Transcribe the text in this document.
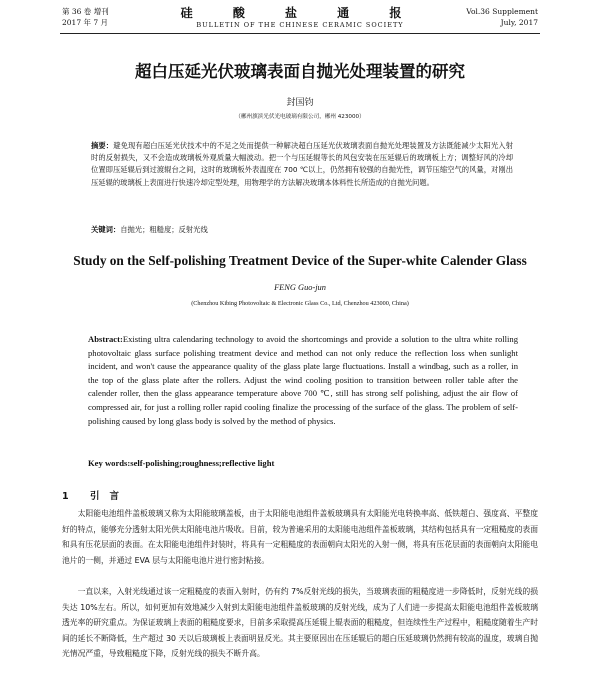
第 36 卷 增刊
2017 年 7 月
硅 酸 盐 通 报
BULLETIN OF THE CHINESE CERAMIC SOCIETY
Vol.36 Supplement
July, 2017
超白压延光伏玻璃表面自抛光处理装置的研究
封国钧
（郴州旗滨光伏光电玻璃有限公司，郴州 423000）
摘要：避免现有超白压延光伏技术中的不足之处而提供一种解决超白压延光伏玻璃表面自抛光处理装置及方法既能减少太阳光入射时的反射损失，又不会造成玻璃板外观质量大幅波动。把一个与压延辊等长的风包安装在压延辊后的玻璃板上方；调整好风的冷却位置即压延辊后到过渡辊台之间，这时的玻璃板外表温度在 700 ℃以上，仍然拥有较强的自抛光性，调节压缩空气的风量，对刚出压延辊的玻璃板上表面进行快速冷却定型处理，用物理学的方法解决玻璃本体料性长所造成的自抛光问题。
关键词：自抛光；粗糙度；反射光线
Study on the Self-polishing Treatment Device of the Super-white Calender Glass
FENG Guo-jun
(Chenzhou Kibing Photovoltaic & Electronic Glass Co., Ltd, Chenzhou 423000, China)
Abstract:Existing ultra calendaring technology to avoid the shortcomings and provide a solution to the ultra white rolling photovoltaic glass surface polishing treatment device and method can not only reduce the reflection loss when sunlight incident, and won't cause the appearance quality of the glass plate large fluctuations. Install a windbag, such as a roller, in the top of the glass plate after the rollers. Adjust the wind cooling position to transition between roller table after the calender roller, then the glass appearance temperature above 700 ℃, still has strong self polishing, adjust the air flow of compressed air, for just a rolling roller rapid cooling finalize the processing of the surface of the glass. The problem of self-polishing caused by long glass body is solved by the method of physics.
Key words:self-polishing;roughness;reflective light
1 引言
太阳能电池组件盖板玻璃又称为太阳能玻璃盖板，由于太阳能电池组件盖板玻璃具有太阳能光电转换率高、低铁超白、强度高、平整度好的特点，能够充分透射太阳光供太阳能电池片吸收。目前，较为普遍采用的太阳能电池组件盖板玻璃，其结构包括具有一定粗糙度的表面和具有压花层面的表面。在太阳能电池组件封装时，将具有一定粗糙度的表面朝向太阳光的入射一侧，将具有压花层面的表面朝向太阳能电池片的一侧，并通过 EVA 层与太阳能电池片进行密封粘接。
一直以来，入射光线通过该一定粗糙度的表面入射时，仍有约 7%反射光线的损失，当玻璃表面的粗糙度进一步降低时，反射光线的损失达 10%左右。所以，如何更加有效地减少入射到太阳能电池组件盖板玻璃的反射光线，成为了人们进一步提高太阳能电池组件盖板玻璃透光率的研究重点。为保证玻璃上表面的粗糙度要求，目前多采取提高压延辊上辊表面的粗糙度，但连续性生产过程中，粗糙度随着生产时间的延长不断降低，生产超过 30 天以后玻璃板上表面明显反光。其主要原因出在压延辊后的超白压延玻璃仍然拥有较高的温度，玻璃自抛光情况严重，导致粗糙度下降，反射光线的损失不断升高。
